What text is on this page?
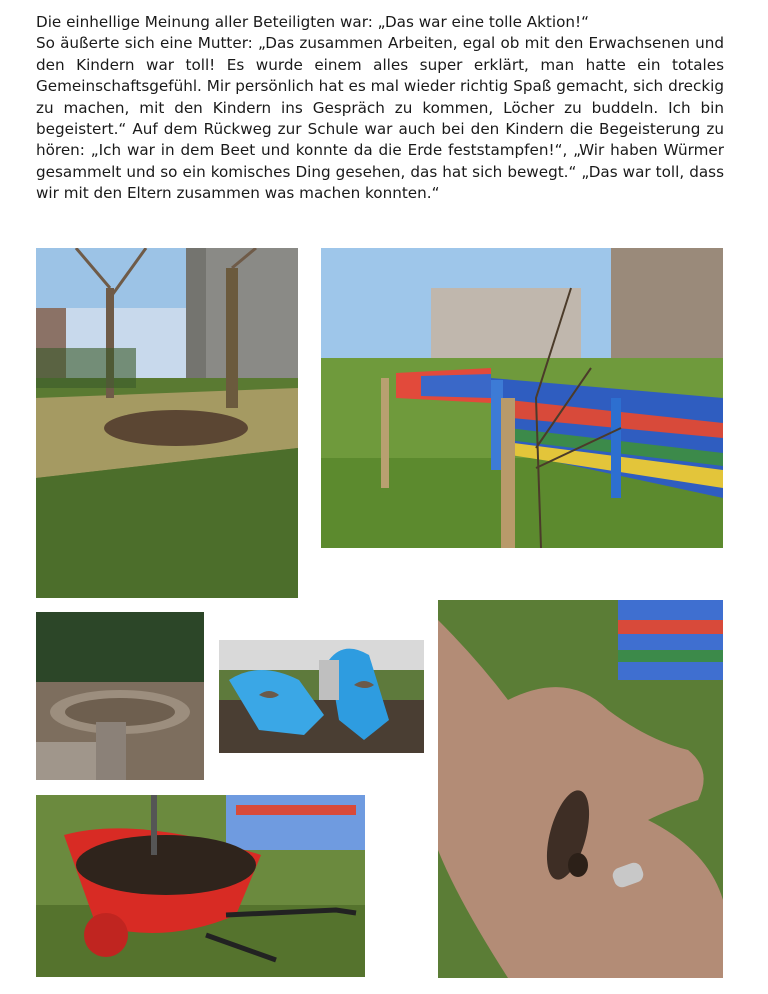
Die einhellige Meinung aller Beteiligten war: „Das war eine tolle Aktion!“

So äußerte sich eine Mutter: „Das zusammen Arbeiten, egal ob mit den Erwachsenen und den Kindern war toll! Es wurde einem alles super erklärt, man hatte ein totales Gemeinschaftsgefühl. Mir persönlich hat es mal wieder richtig Spaß gemacht, sich dreckig zu machen, mit den Kindern ins Gespräch zu kommen, Löcher zu buddeln. Ich bin begeistert.“ Auf dem Rückweg zur Schule war auch bei den Kindern die Begeisterung zu hören: „Ich war in dem Beet und konnte da die Erde feststampfen!“, „Wir haben Würmer gesammelt und so ein komisches Ding gesehen, das hat sich bewegt.“ „Das war toll, dass wir mit den Eltern zusammen was machen konnten.“
